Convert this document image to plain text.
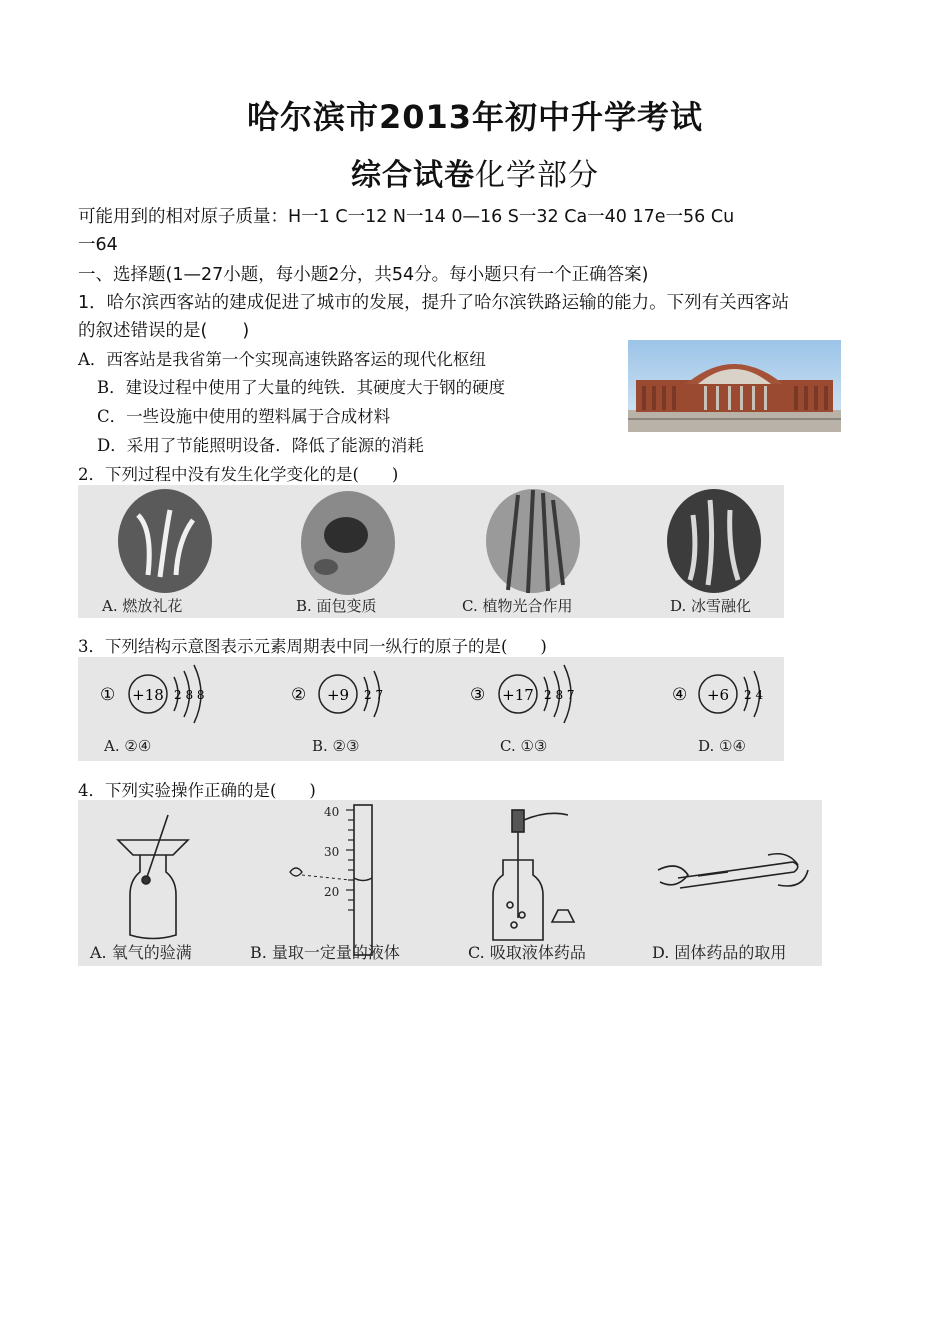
哈尔滨市2013年初中升学考试
综合试卷化学部分
可能用到的相对原子质量：H一1 C一12 N一14 0—16 S一32 Ca一40 17e一56 Cu
一64
一、选择题(1—27小题，每小题2分，共54分。每小题只有一个正确答案)
1．哈尔滨西客站的建成促进了城市的发展，提升了哈尔滨铁路运输的能力。下列有关西客站
的叙述错误的是(　　)
A．西客站是我省第一个实现高速铁路客运的现代化枢纽
B．建设过程中使用了大量的纯铁．其硬度大于钢的硬度
C．一些设施中使用的塑料属于合成材料
D．采用了节能照明设备．降低了能源的消耗
2．下列过程中没有发生化学变化的是(　　)
A. 燃放礼花	B. 面包变质	C. 植物光合作用	D. 冰雪融化
3．下列结构示意图表示元素周期表中同一纵行的原子的是(　　)
① +18 2 8 8	② +9 2 7	③ +17 2 8 7	④ +6 2 4
A. ②④	B. ②③	C. ①③	D. ①④
4．下列实验操作正确的是(　　)
40
30
20
A. 氧气的验满	B. 量取一定量的液体	C. 吸取液体药品	D. 固体药品的取用
